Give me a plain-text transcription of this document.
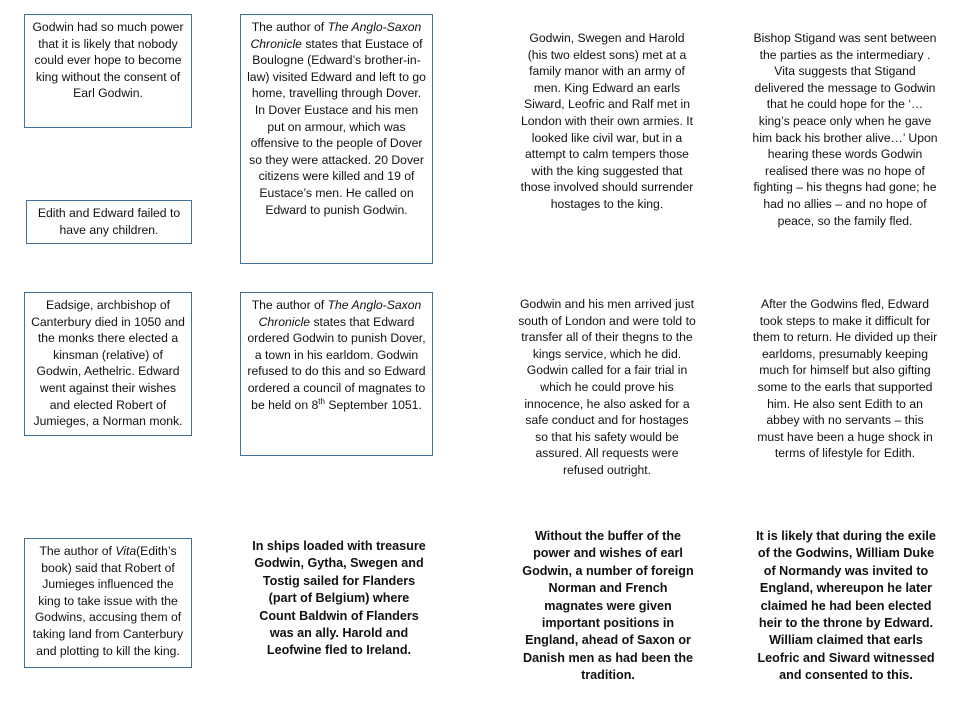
Godwin had so much power that it is likely that nobody could ever hope to become king without the consent of Earl Godwin.

The author of The Anglo-Saxon Chronicle states that Eustace of Boulogne (Edward’s brother-in-law) visited Edward and left to go home, travelling through Dover. In Dover Eustace and his men put on armour, which was offensive to the people of Dover so they were attacked. 20 Dover citizens were killed and 19 of Eustace’s men. He called on Edward to punish Godwin.

Godwin, Swegen and Harold (his two eldest sons) met at a family manor with an army of men. King Edward an earls Siward, Leofric and Ralf met in London with their own armies. It looked like civil war, but in a attempt to calm tempers those with the king suggested that those involved should surrender hostages to the king.

Bishop Stigand was sent between the parties as the intermediary . Vita suggests that Stigand delivered the message to Godwin that he could hope for the ‘…king’s peace only when he gave him back his brother alive…’ Upon hearing these words Godwin realised there was no hope of fighting – his thegns had gone; he had no allies – and no hope of peace, so the family fled.

Edith and Edward failed to have any children.

Eadsige, archbishop of Canterbury died in 1050 and the monks there elected a kinsman (relative) of Godwin, Aethelric. Edward went against their wishes and elected Robert of Jumieges, a Norman monk.

The author of The Anglo-Saxon Chronicle states that Edward ordered Godwin to punish Dover, a town in his earldom. Godwin refused to do this and so Edward ordered a council of magnates to be held on 8th September 1051.

Godwin and his men arrived just south of London and were told to transfer all of their thegns to the kings service, which he did. Godwin called for a fair trial in which he could prove his innocence, he also asked for a safe conduct and for hostages so that his safety would be assured. All requests were refused outright.

After the Godwins fled, Edward took steps to make it difficult for them to return. He divided up their earldoms, presumably keeping much for himself but also gifting some to the earls that supported him. He also sent Edith to an abbey with no servants – this must have been a huge shock in terms of lifestyle for Edith.

The author of Vita(Edith’s book) said that Robert of Jumieges influenced the king to take issue with the Godwins, accusing them of taking land from Canterbury and plotting to kill the king.

In ships loaded with treasure Godwin, Gytha, Swegen and Tostig sailed for Flanders (part of Belgium) where Count Baldwin of Flanders was an ally. Harold and Leofwine fled to Ireland.

Without the buffer of the power and wishes of earl Godwin, a number of foreign Norman and French magnates were given important positions in England, ahead of Saxon or Danish men as had been the tradition.

It is likely that during the exile of the Godwins, William Duke of Normandy was invited to England, whereupon he later claimed he had been elected heir to the throne by Edward. William claimed that earls Leofric and Siward witnessed and consented to this.
